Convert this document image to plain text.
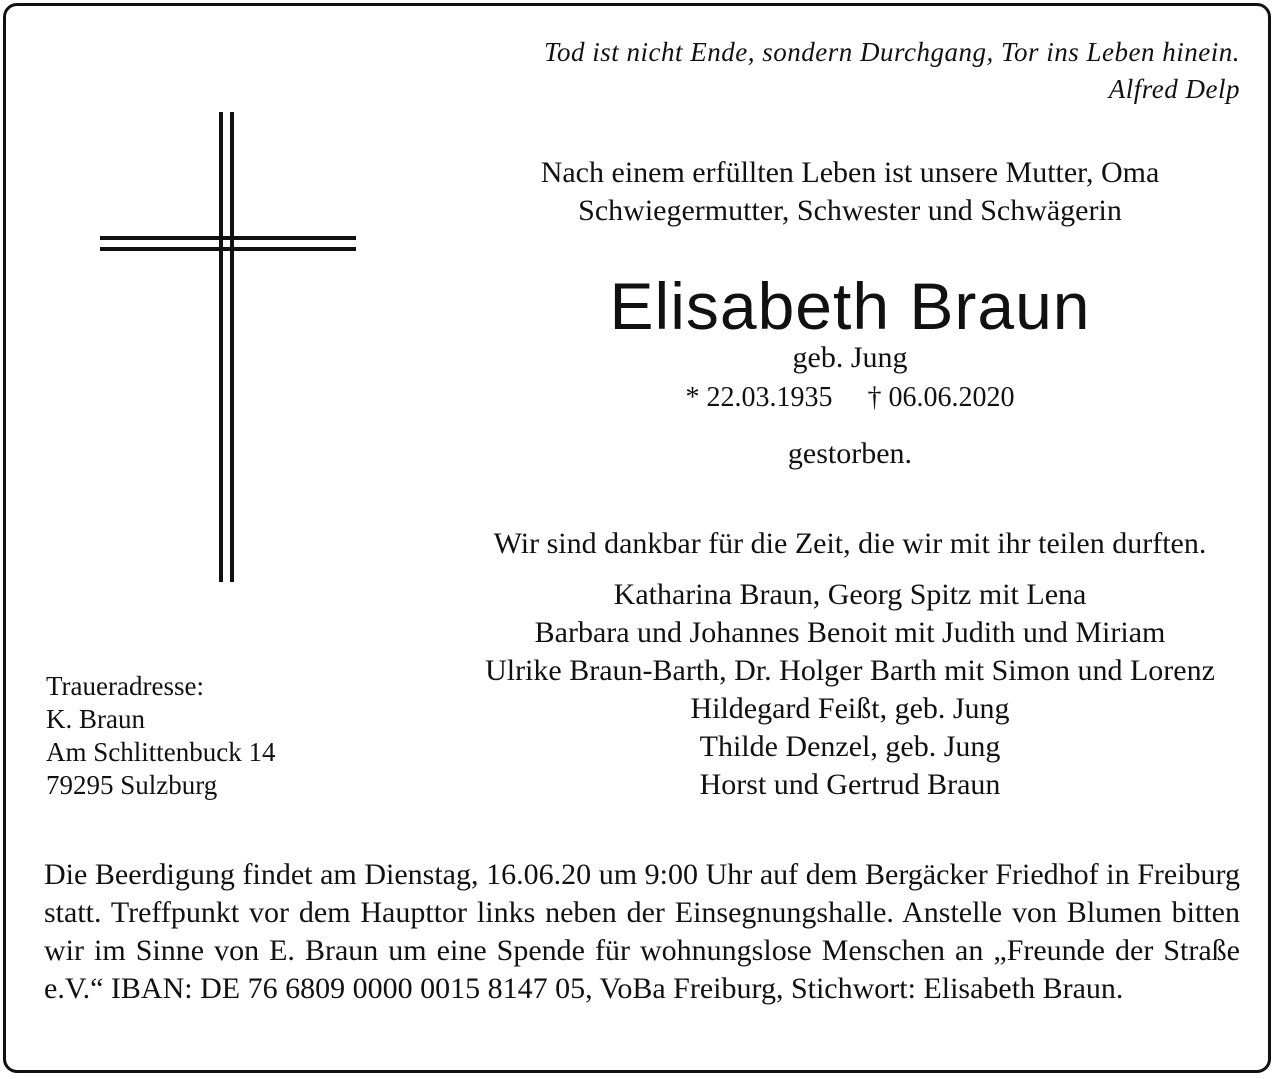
Tod ist nicht Ende, sondern Durchgang, Tor ins Leben hinein.
Alfred Delp
Nach einem erfüllten Leben ist unsere Mutter, Oma
Schwiegermutter, Schwester und Schwägerin
Elisabeth Braun
geb. Jung
* 22.03.1935 † 06.06.2020
gestorben.
Wir sind dankbar für die Zeit, die wir mit ihr teilen durften.
Katharina Braun, Georg Spitz mit Lena
Barbara und Johannes Benoit mit Judith und Miriam
Ulrike Braun-Barth, Dr. Holger Barth mit Simon und Lorenz
Hildegard Feißt, geb. Jung
Thilde Denzel, geb. Jung
Horst und Gertrud Braun
Traueradresse:
K. Braun
Am Schlittenbuck 14
79295 Sulzburg
Die Beerdigung findet am Dienstag, 16.06.20 um 9:00 Uhr auf dem Bergäcker Friedhof in Freiburg statt. Treffpunkt vor dem Haupttor links neben der Einsegnungshalle. Anstelle von Blumen bitten wir im Sinne von E. Braun um eine Spende für wohnungslose Menschen an „Freunde der Straße e.V.“ IBAN: DE 76 6809 0000 0015 8147 05, VoBa Freiburg, Stichwort: Elisabeth Braun.
